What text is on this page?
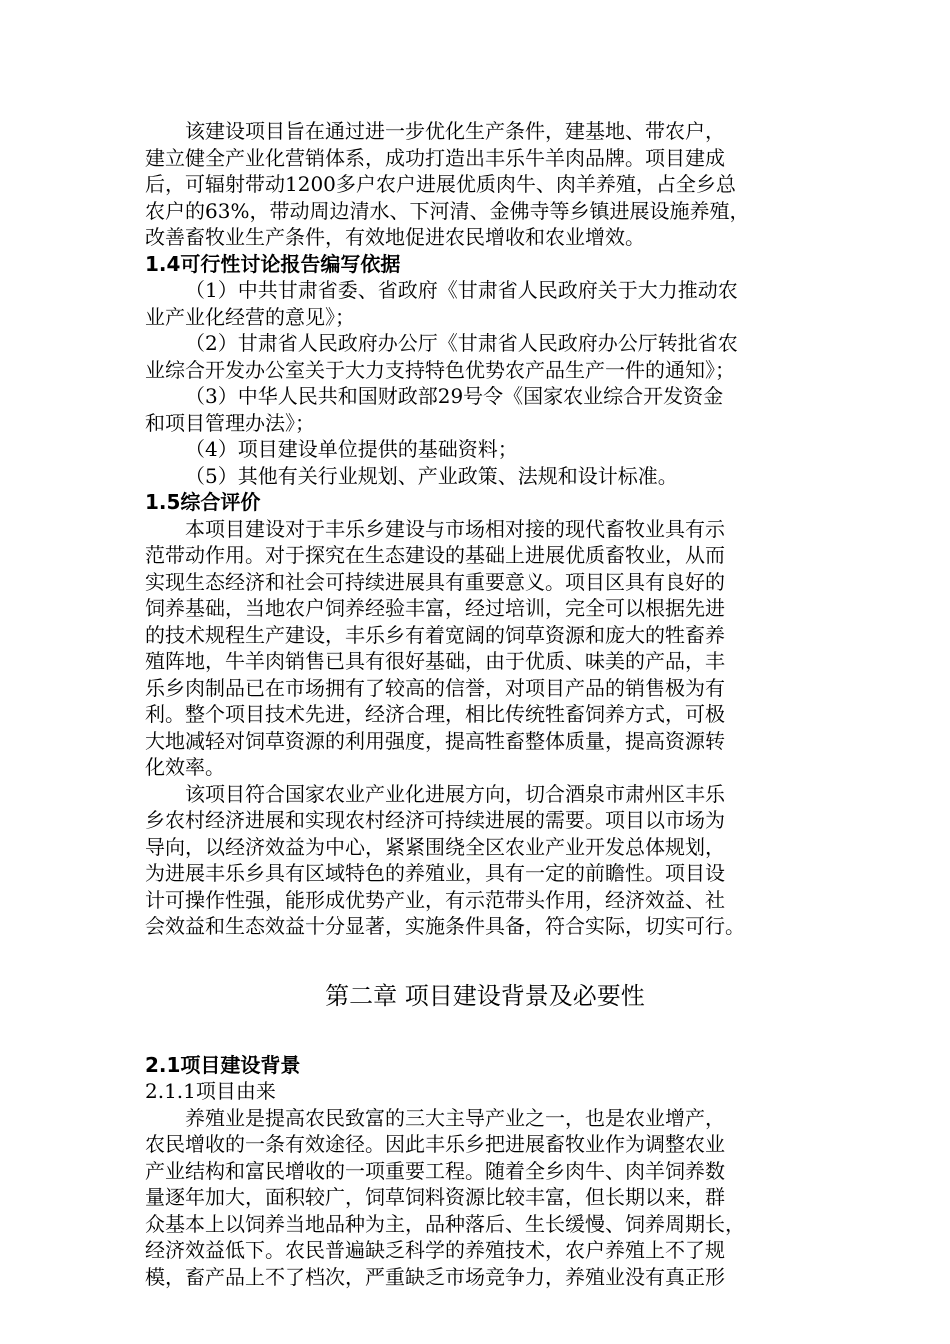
该建设项目旨在通过进一步优化生产条件，建基地、带农户，
建立健全产业化营销体系，成功打造出丰乐牛羊肉品牌。项目建成
后，可辐射带动1200多户农户进展优质肉牛、肉羊养殖，占全乡总
农户的63%，带动周边清水、下河清、金佛寺等乡镇进展设施养殖，
改善畜牧业生产条件，有效地促进农民增收和农业增效。
1.4可行性讨论报告编写依据
（1）中共甘肃省委、省政府《甘肃省人民政府关于大力推动农
业产业化经营的意见》；
（2）甘肃省人民政府办公厅《甘肃省人民政府办公厅转批省农
业综合开发办公室关于大力支持特色优势农产品生产一件的通知》；
（3）中华人民共和国财政部29号令《国家农业综合开发资金
和项目管理办法》；
（4）项目建设单位提供的基础资料；
（5）其他有关行业规划、产业政策、法规和设计标准。
1.5综合评价
本项目建设对于丰乐乡建设与市场相对接的现代畜牧业具有示
范带动作用。对于探究在生态建设的基础上进展优质畜牧业，从而
实现生态经济和社会可持续进展具有重要意义。项目区具有良好的
饲养基础，当地农户饲养经验丰富，经过培训，完全可以根据先进
的技术规程生产建设，丰乐乡有着宽阔的饲草资源和庞大的牲畜养
殖阵地，牛羊肉销售已具有很好基础，由于优质、味美的产品，丰
乐乡肉制品已在市场拥有了较高的信誉，对项目产品的销售极为有
利。整个项目技术先进，经济合理，相比传统牲畜饲养方式，可极
大地减轻对饲草资源的利用强度，提高牲畜整体质量，提高资源转
化效率。
该项目符合国家农业产业化进展方向，切合酒泉市肃州区丰乐
乡农村经济进展和实现农村经济可持续进展的需要。项目以市场为
导向，以经济效益为中心，紧紧围绕全区农业产业开发总体规划，
为进展丰乐乡具有区域特色的养殖业，具有一定的前瞻性。项目设
计可操作性强，能形成优势产业，有示范带头作用，经济效益、社
会效益和生态效益十分显著，实施条件具备，符合实际，切实可行。
第二章 项目建设背景及必要性
2.1项目建设背景
2.1.1项目由来
养殖业是提高农民致富的三大主导产业之一，也是农业增产，
农民增收的一条有效途径。因此丰乐乡把进展畜牧业作为调整农业
产业结构和富民增收的一项重要工程。随着全乡肉牛、肉羊饲养数
量逐年加大，面积较广，饲草饲料资源比较丰富，但长期以来，群
众基本上以饲养当地品种为主，品种落后、生长缓慢、饲养周期长，
经济效益低下。农民普遍缺乏科学的养殖技术，农户养殖上不了规
模，畜产品上不了档次，严重缺乏市场竞争力，养殖业没有真正形
